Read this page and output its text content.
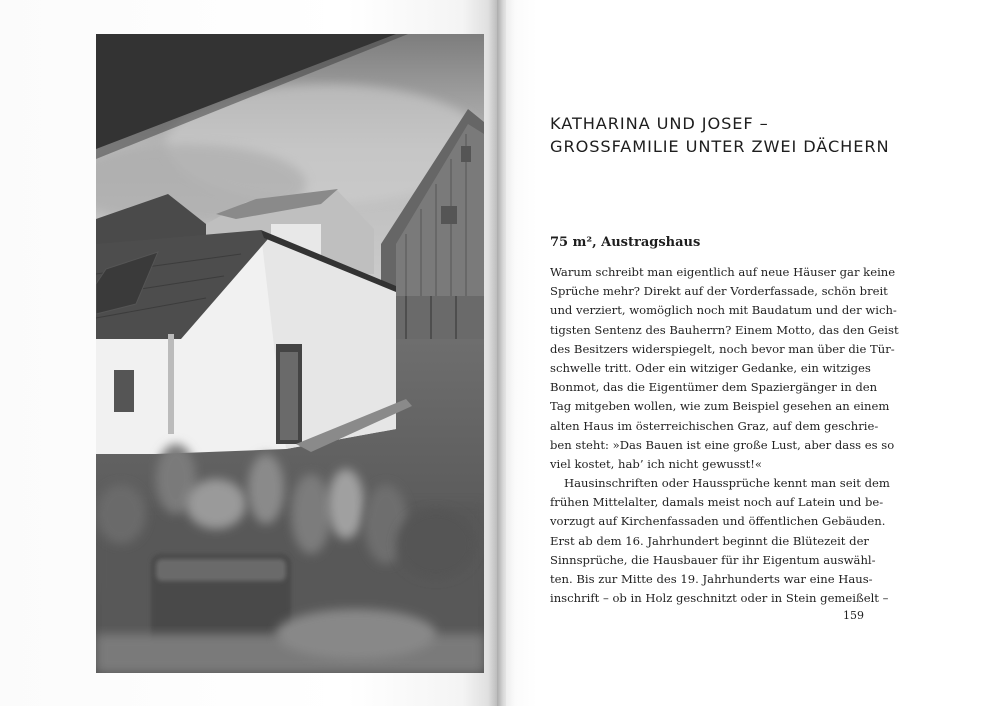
KATHARINA UND JOSEF –
GROSSFAMILIE UNTER ZWEI DÄCHERN
75 m², Austragshaus
Warum schreibt man eigentlich auf neue Häuser gar keine
Sprüche mehr? Direkt auf der Vorderfassade, schön breit
und verziert, womöglich noch mit Baudatum und der wich-
tigsten Sentenz des Bauherrn? Einem Motto, das den Geist
des Besitzers widerspiegelt, noch bevor man über die Tür-
schwelle tritt. Oder ein witziger Gedanke, ein witziges
Bonmot, das die Eigentümer dem Spaziergänger in den
Tag mitgeben wollen, wie zum Beispiel gesehen an einem
alten Haus im österreichischen Graz, auf dem geschrie-
ben steht: »Das Bauen ist eine große Lust, aber dass es so
viel kostet, hab’ ich nicht gewusst!«
Hausinschriften oder Haussprüche kennt man seit dem
frühen Mittelalter, damals meist noch auf Latein und be-
vorzugt auf Kirchenfassaden und öffentlichen Gebäuden.
Erst ab dem 16. Jahrhundert beginnt die Blütezeit der
Sinnsprüche, die Hausbauer für ihr Eigentum auswähl-
ten. Bis zur Mitte des 19. Jahrhunderts war eine Haus-
inschrift – ob in Holz geschnitzt oder in Stein gemeißelt –
159
